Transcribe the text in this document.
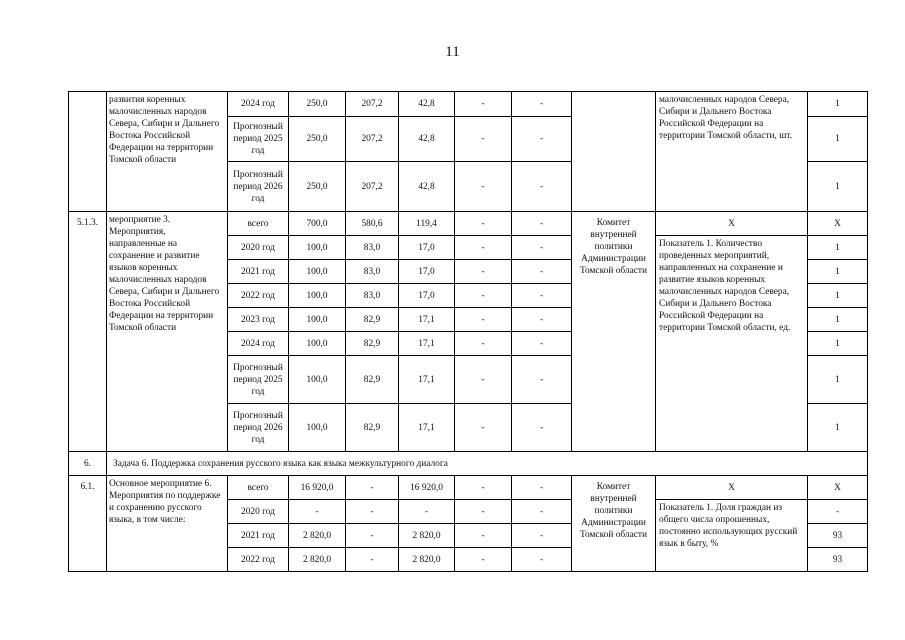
11
	развития коренных малочисленных народов Севера, Сибири и Дальнего Востока Российской Федерации на территории Томской области	2024 год	250,0	207,2	42,8	-	-		малочисленных народов Севера, Сибири и Дальнего Востока Российской Федерации на территории Томской области, шт.	1
		Прогнозный период 2025 год	250,0	207,2	42,8	-	-			1
		Прогнозный период 2026 год	250,0	207,2	42,8	-	-			1
5.1.3.	мероприятие 3. Мероприятия, направленные на сохранение и развитие языков коренных малочисленных народов Севера, Сибири и Дальнего Востока Российской Федерации на территории Томской области	всего	700,0	580,6	119,4	-	-	Комитет внутренней политики Администрации Томской области	X	X
		2020 год	100,0	83,0	17,0	-	-		Показатель 1. Количество проведенных мероприятий, направленных на сохранение и развитие языков коренных малочисленных народов Севера, Сибири и Дальнего Востока Российской Федерации на территории Томской области, ед.	1
		2021 год	100,0	83,0	17,0	-	-			1
		2022 год	100,0	83,0	17,0	-	-			1
		2023 год	100,0	82,9	17,1	-	-			1
		2024 год	100,0	82,9	17,1	-	-			1
		Прогнозный период 2025 год	100,0	82,9	17,1	-	-			1
		Прогнозный период 2026 год	100,0	82,9	17,1	-	-			1
6.	Задача 6. Поддержка сохранения русского языка как языка межкультурного диалога									
6.1.	Основное мероприятие 6. Мероприятия по поддержке и сохранению русского языка, в том числе:	всего	16 920,0	-	16 920,0	-	-	Комитет внутренней политики Администрации Томской области	X	X
		2020 год	-	-	-	-	-		Показатель 1. Доля граждан из общего числа опрошенных, постоянно использующих русский язык в быту, %	-
		2021 год	2 820,0	-	2 820,0	-	-			93
		2022 год	2 820,0	-	2 820,0	-	-			93
